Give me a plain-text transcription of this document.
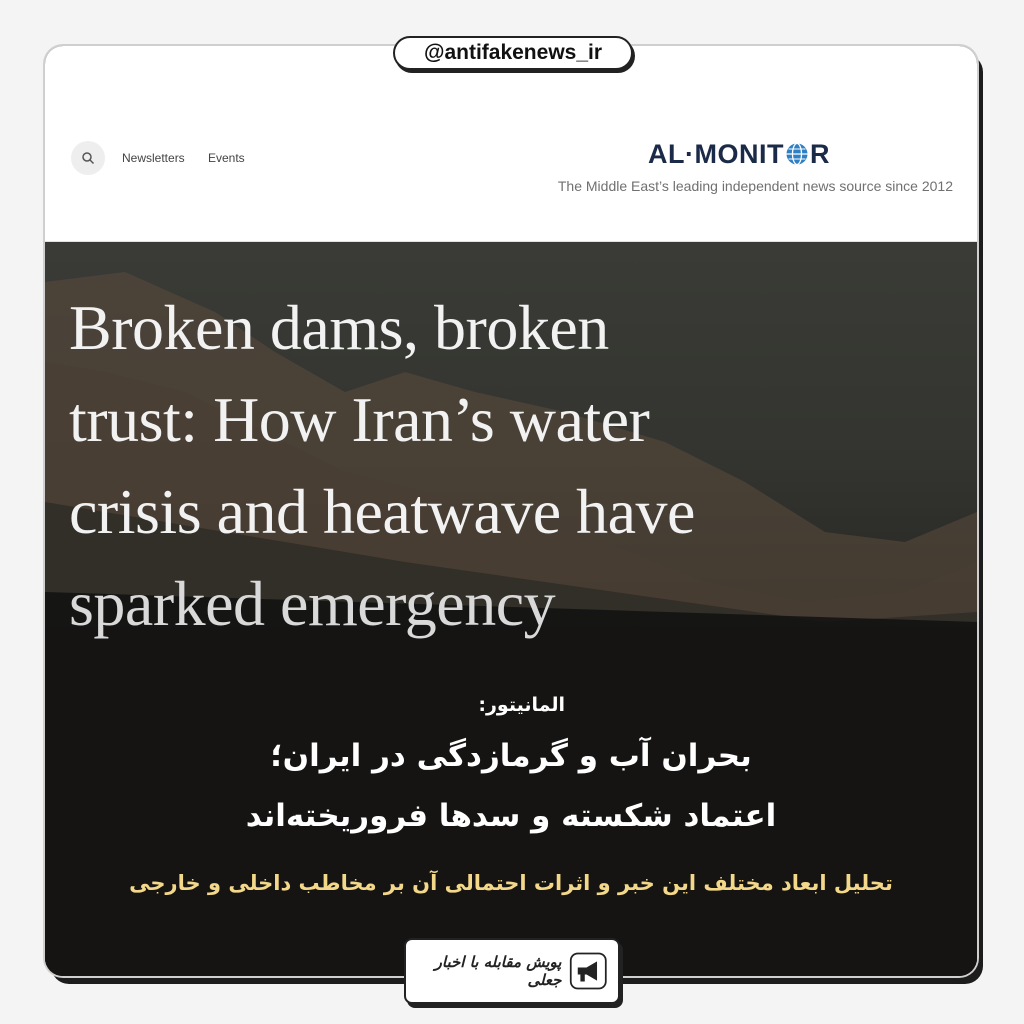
@antifakenews_ir
Newsletters Events	AL·MONIT R
The Middle East’s leading independent news source since 2012
Broken dams, broken
trust: How Iran’s water
crisis and heatwave have
sparked emergency
المانیتور:
بحران آب و گرمازدگی در ایران؛
اعتماد شکسته و سدها فروریخته‌اند
تحلیل ابعاد مختلف این خبر و اثرات احتمالی آن بر مخاطب داخلی و خارجی
پویش مقابله با اخبار جعلی
